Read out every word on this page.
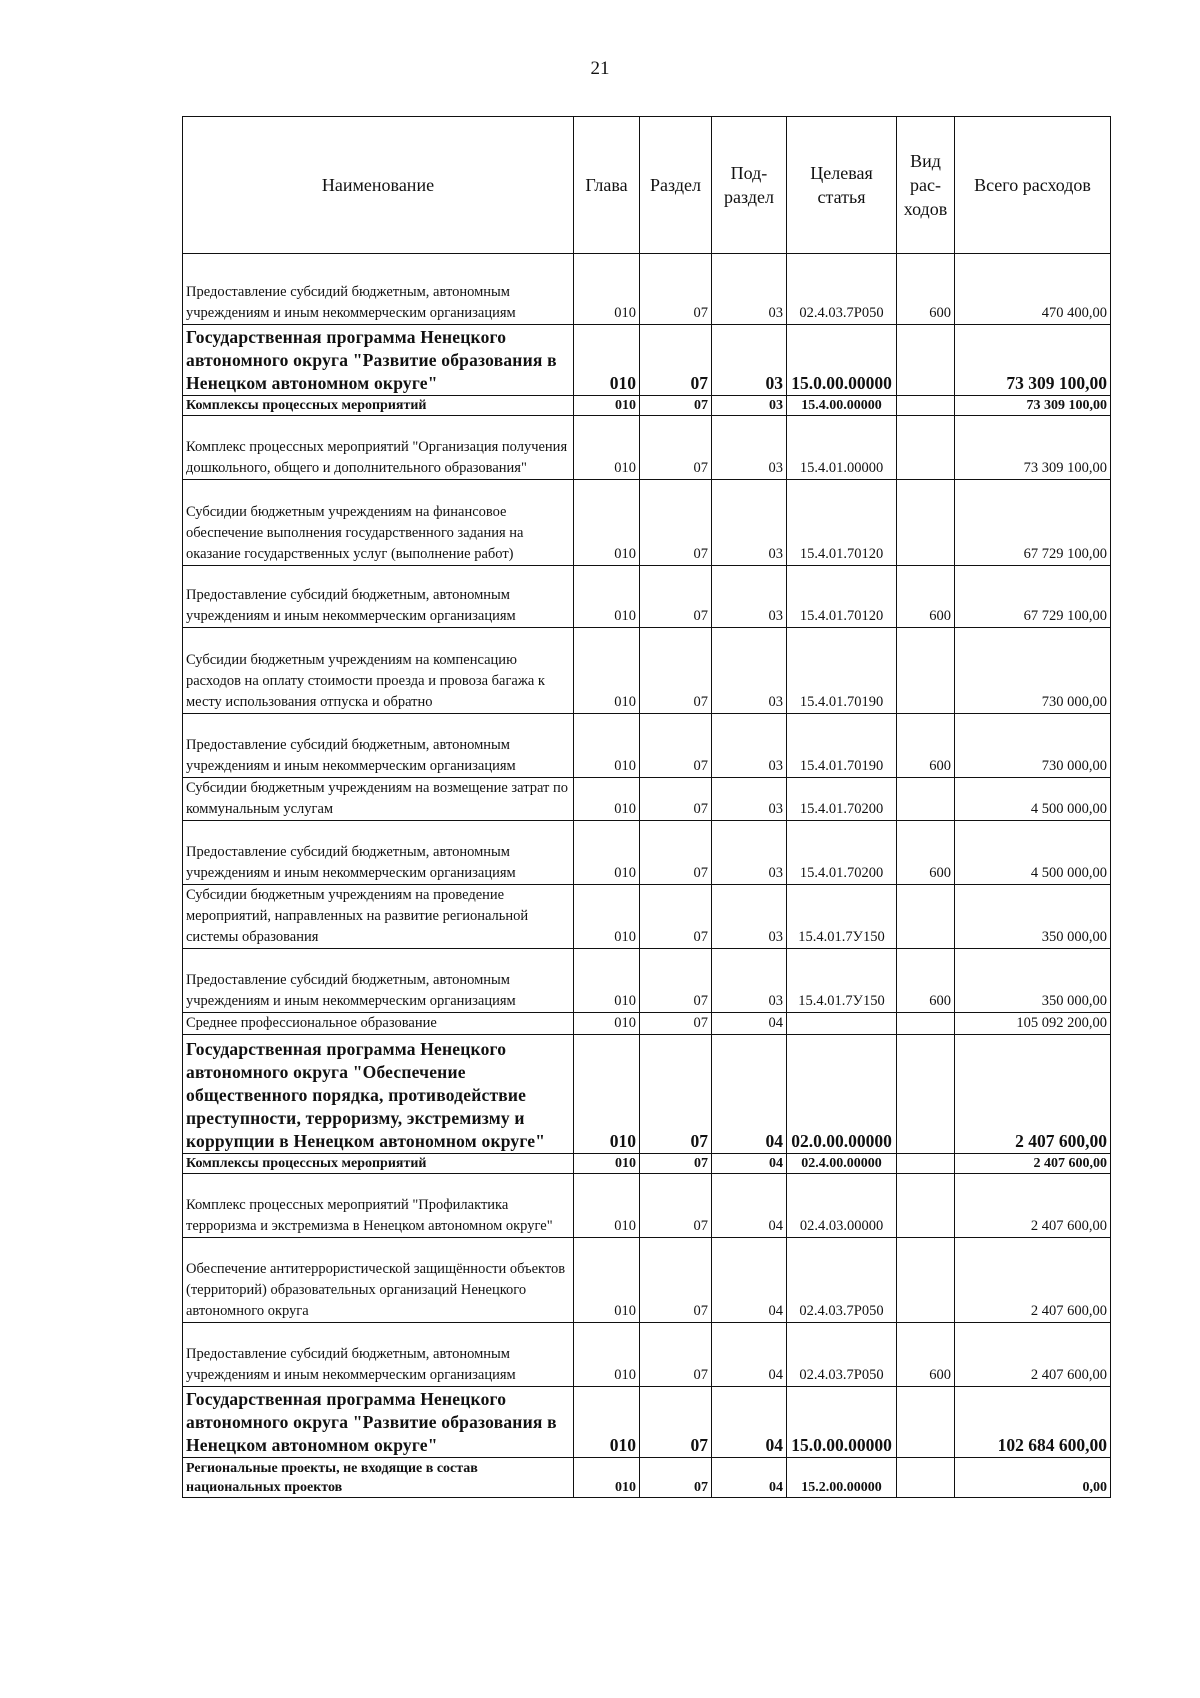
21
Наименование	Глава	Раздел	Под-раздел	Целевая статья	Вид рас-ходов	Всего расходов
Предоставление субсидий бюджетным, автономным учреждениям и иным некоммерческим организациям	010	07	03	02.4.03.7Р050	600	470 400,00
Государственная программа Ненецкого автономного округа "Развитие образования в Ненецком автономном округе"	010	07	03	15.0.00.00000		73 309 100,00
Комплексы процессных мероприятий	010	07	03	15.4.00.00000		73 309 100,00
Комплекс процессных мероприятий "Организация получения дошкольного, общего и дополнительного образования"	010	07	03	15.4.01.00000		73 309 100,00
Субсидии бюджетным учреждениям на финансовое обеспечение выполнения государственного задания на оказание государственных услуг (выполнение работ)	010	07	03	15.4.01.70120		67 729 100,00
Предоставление субсидий бюджетным, автономным учреждениям и иным некоммерческим организациям	010	07	03	15.4.01.70120	600	67 729 100,00
Субсидии бюджетным учреждениям на компенсацию расходов на оплату стоимости проезда и провоза багажа к месту использования отпуска и обратно	010	07	03	15.4.01.70190		730 000,00
Предоставление субсидий бюджетным, автономным учреждениям и иным некоммерческим организациям	010	07	03	15.4.01.70190	600	730 000,00
Субсидии бюджетным учреждениям на возмещение затрат по коммунальным услугам	010	07	03	15.4.01.70200		4 500 000,00
Предоставление субсидий бюджетным, автономным учреждениям и иным некоммерческим организациям	010	07	03	15.4.01.70200	600	4 500 000,00
Субсидии бюджетным учреждениям на проведение мероприятий, направленных на развитие региональной системы образования	010	07	03	15.4.01.7У150		350 000,00
Предоставление субсидий бюджетным, автономным учреждениям и иным некоммерческим организациям	010	07	03	15.4.01.7У150	600	350 000,00
Среднее профессиональное образование	010	07	04			105 092 200,00
Государственная программа Ненецкого автономного округа "Обеспечение общественного порядка, противодействие преступности, терроризму, экстремизму и коррупции в Ненецком автономном округе"	010	07	04	02.0.00.00000		2 407 600,00
Комплексы процессных мероприятий	010	07	04	02.4.00.00000		2 407 600,00
Комплекс процессных мероприятий "Профилактика терроризма и экстремизма в Ненецком автономном округе"	010	07	04	02.4.03.00000		2 407 600,00
Обеспечение антитеррористической защищённости объектов (территорий) образовательных организаций Ненецкого автономного округа	010	07	04	02.4.03.7Р050		2 407 600,00
Предоставление субсидий бюджетным, автономным учреждениям и иным некоммерческим организациям	010	07	04	02.4.03.7Р050	600	2 407 600,00
Государственная программа Ненецкого автономного округа "Развитие образования в Ненецком автономном округе"	010	07	04	15.0.00.00000		102 684 600,00
Региональные проекты, не входящие в состав национальных проектов	010	07	04	15.2.00.00000		0,00
